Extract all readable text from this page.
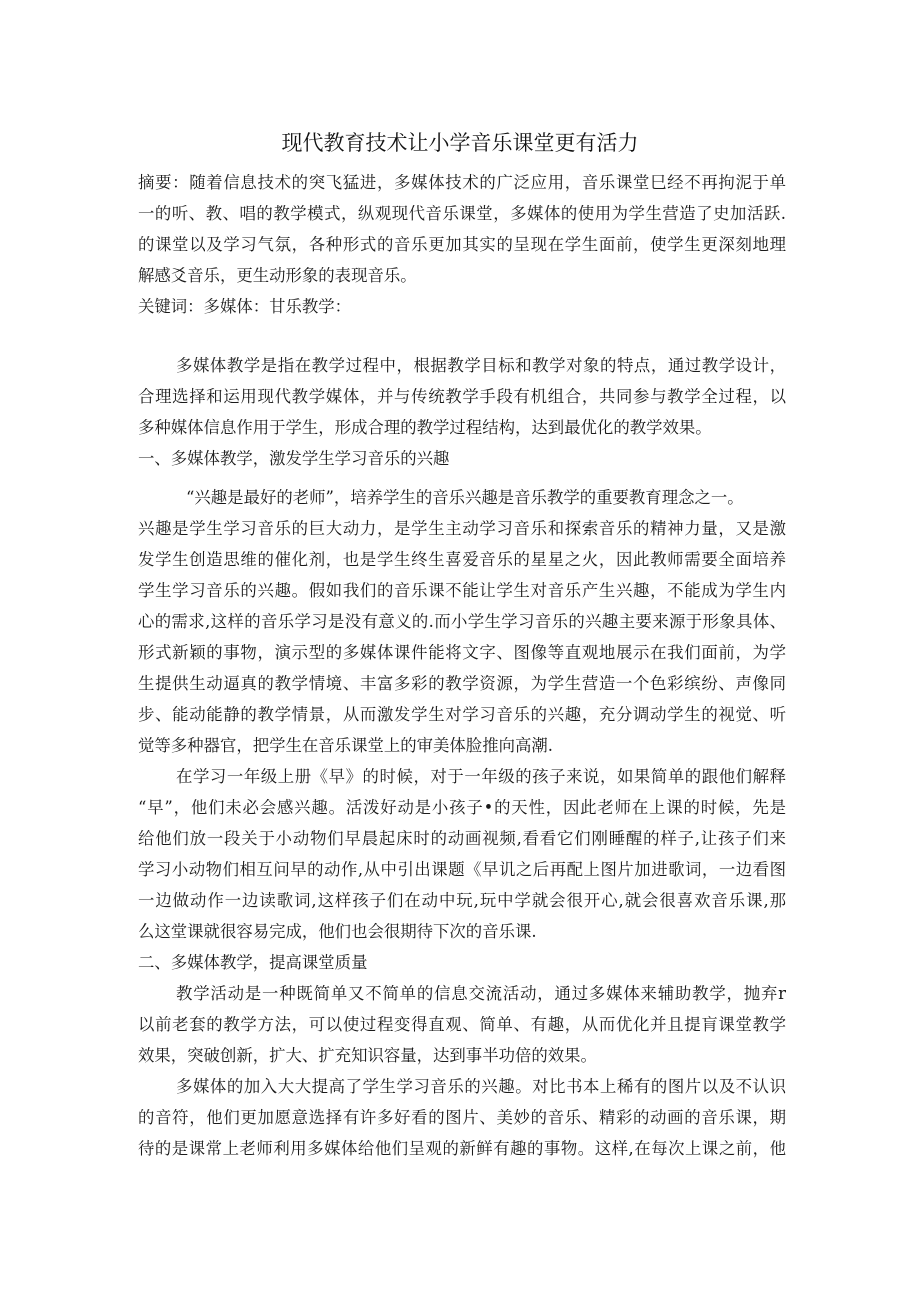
现代教育技术让小学音乐课堂更有活力
摘要：随着信息技术的突飞猛进，多媒体技术的广泛应用，音乐课堂巳经不再拘泥于单
一的听、教、唱的教学模式，纵观现代音乐课堂，多媒体的使用为学生营造了史加活跃.
的课堂以及学习气氛，各种形式的音乐更加其实的呈现在学生面前，使学生更深刻地理
解感爻音乐，更生动形象的表现音乐。
关键词：多媒体：甘乐教学：
多媒体教学是指在教学过程中，根据教学目标和教学对象的特点，通过教学设计，
合理选择和运用现代教学媒体，并与传统教学手段有机组合，共同参与教学全过程，以
多种媒体信息作用于学生，形成合理的教学过程结构，达到最优化的教学效果。
一、多媒体教学，激发学生学习音乐的兴趣
“兴趣是最好的老师”，培养学生的音乐兴趣是音乐教学的重要教育理念之一。
兴趣是学生学习音乐的巨大动力，是学生主动学习音乐和探索音乐的精神力量，又是激
发学生创造思维的催化剂，也是学生终生喜爱音乐的星星之火，因此教师需要全面培养
学生学习音乐的兴趣。假如我们的音乐课不能让学生对音乐产生兴趣，不能成为学生内
心的需求,这样的音乐学习是没有意义的.而小学生学习音乐的兴趣主要来源于形象具体、
形式新颖的事物，演示型的多媒体课件能将文字、图像等直观地展示在我们面前，为学
生提供生动逼真的教学情境、丰富多彩的教学资源，为学生营造一个色彩缤纷、声像同
步、能动能静的教学情景，从而激发学生对学习音乐的兴趣，充分调动学生的视觉、听
觉等多种器官，把学生在音乐课堂上的审美体脸推向高潮.
在学习一年级上册《早》的时候，对于一年级的孩子来说，如果简单的跟他们解释
“早”，他们未必会感兴趣。活泼好动是小孩子•的天性，因此老师在上课的时候，先是
给他们放一段关于小动物们早晨起床时的动画视频,看看它们刚睡醒的样子,让孩子们来
学习小动物们相互问早的动作,从中引出课题《早讥之后再配上图片加进歌词，一边看图
一边做动作一边读歌词,这样孩子们在动中玩,玩中学就会很开心,就会很喜欢音乐课,那
么这堂课就很容易完成，他们也会很期待下次的音乐课.
二、多媒体教学，提高课堂质量
教学活动是一种既简单又不简单的信息交流活动，通过多媒体来辅助教学，抛弃r
以前老套的教学方法，可以使过程变得直观、简单、有趣，从而优化并且提肓课堂教学
效果，突破创新，扩大、扩充知识容量，达到事半功倍的效果。
多媒体的加入大大提高了学生学习音乐的兴趣。对比书本上稀有的图片以及不认识
的音符，他们更加愿意选择有许多好看的图片、美妙的音乐、精彩的动画的音乐课，期
待的是课常上老师利用多媒体给他们呈观的新鲜有趣的事物。这样,在每次上课之前，他
